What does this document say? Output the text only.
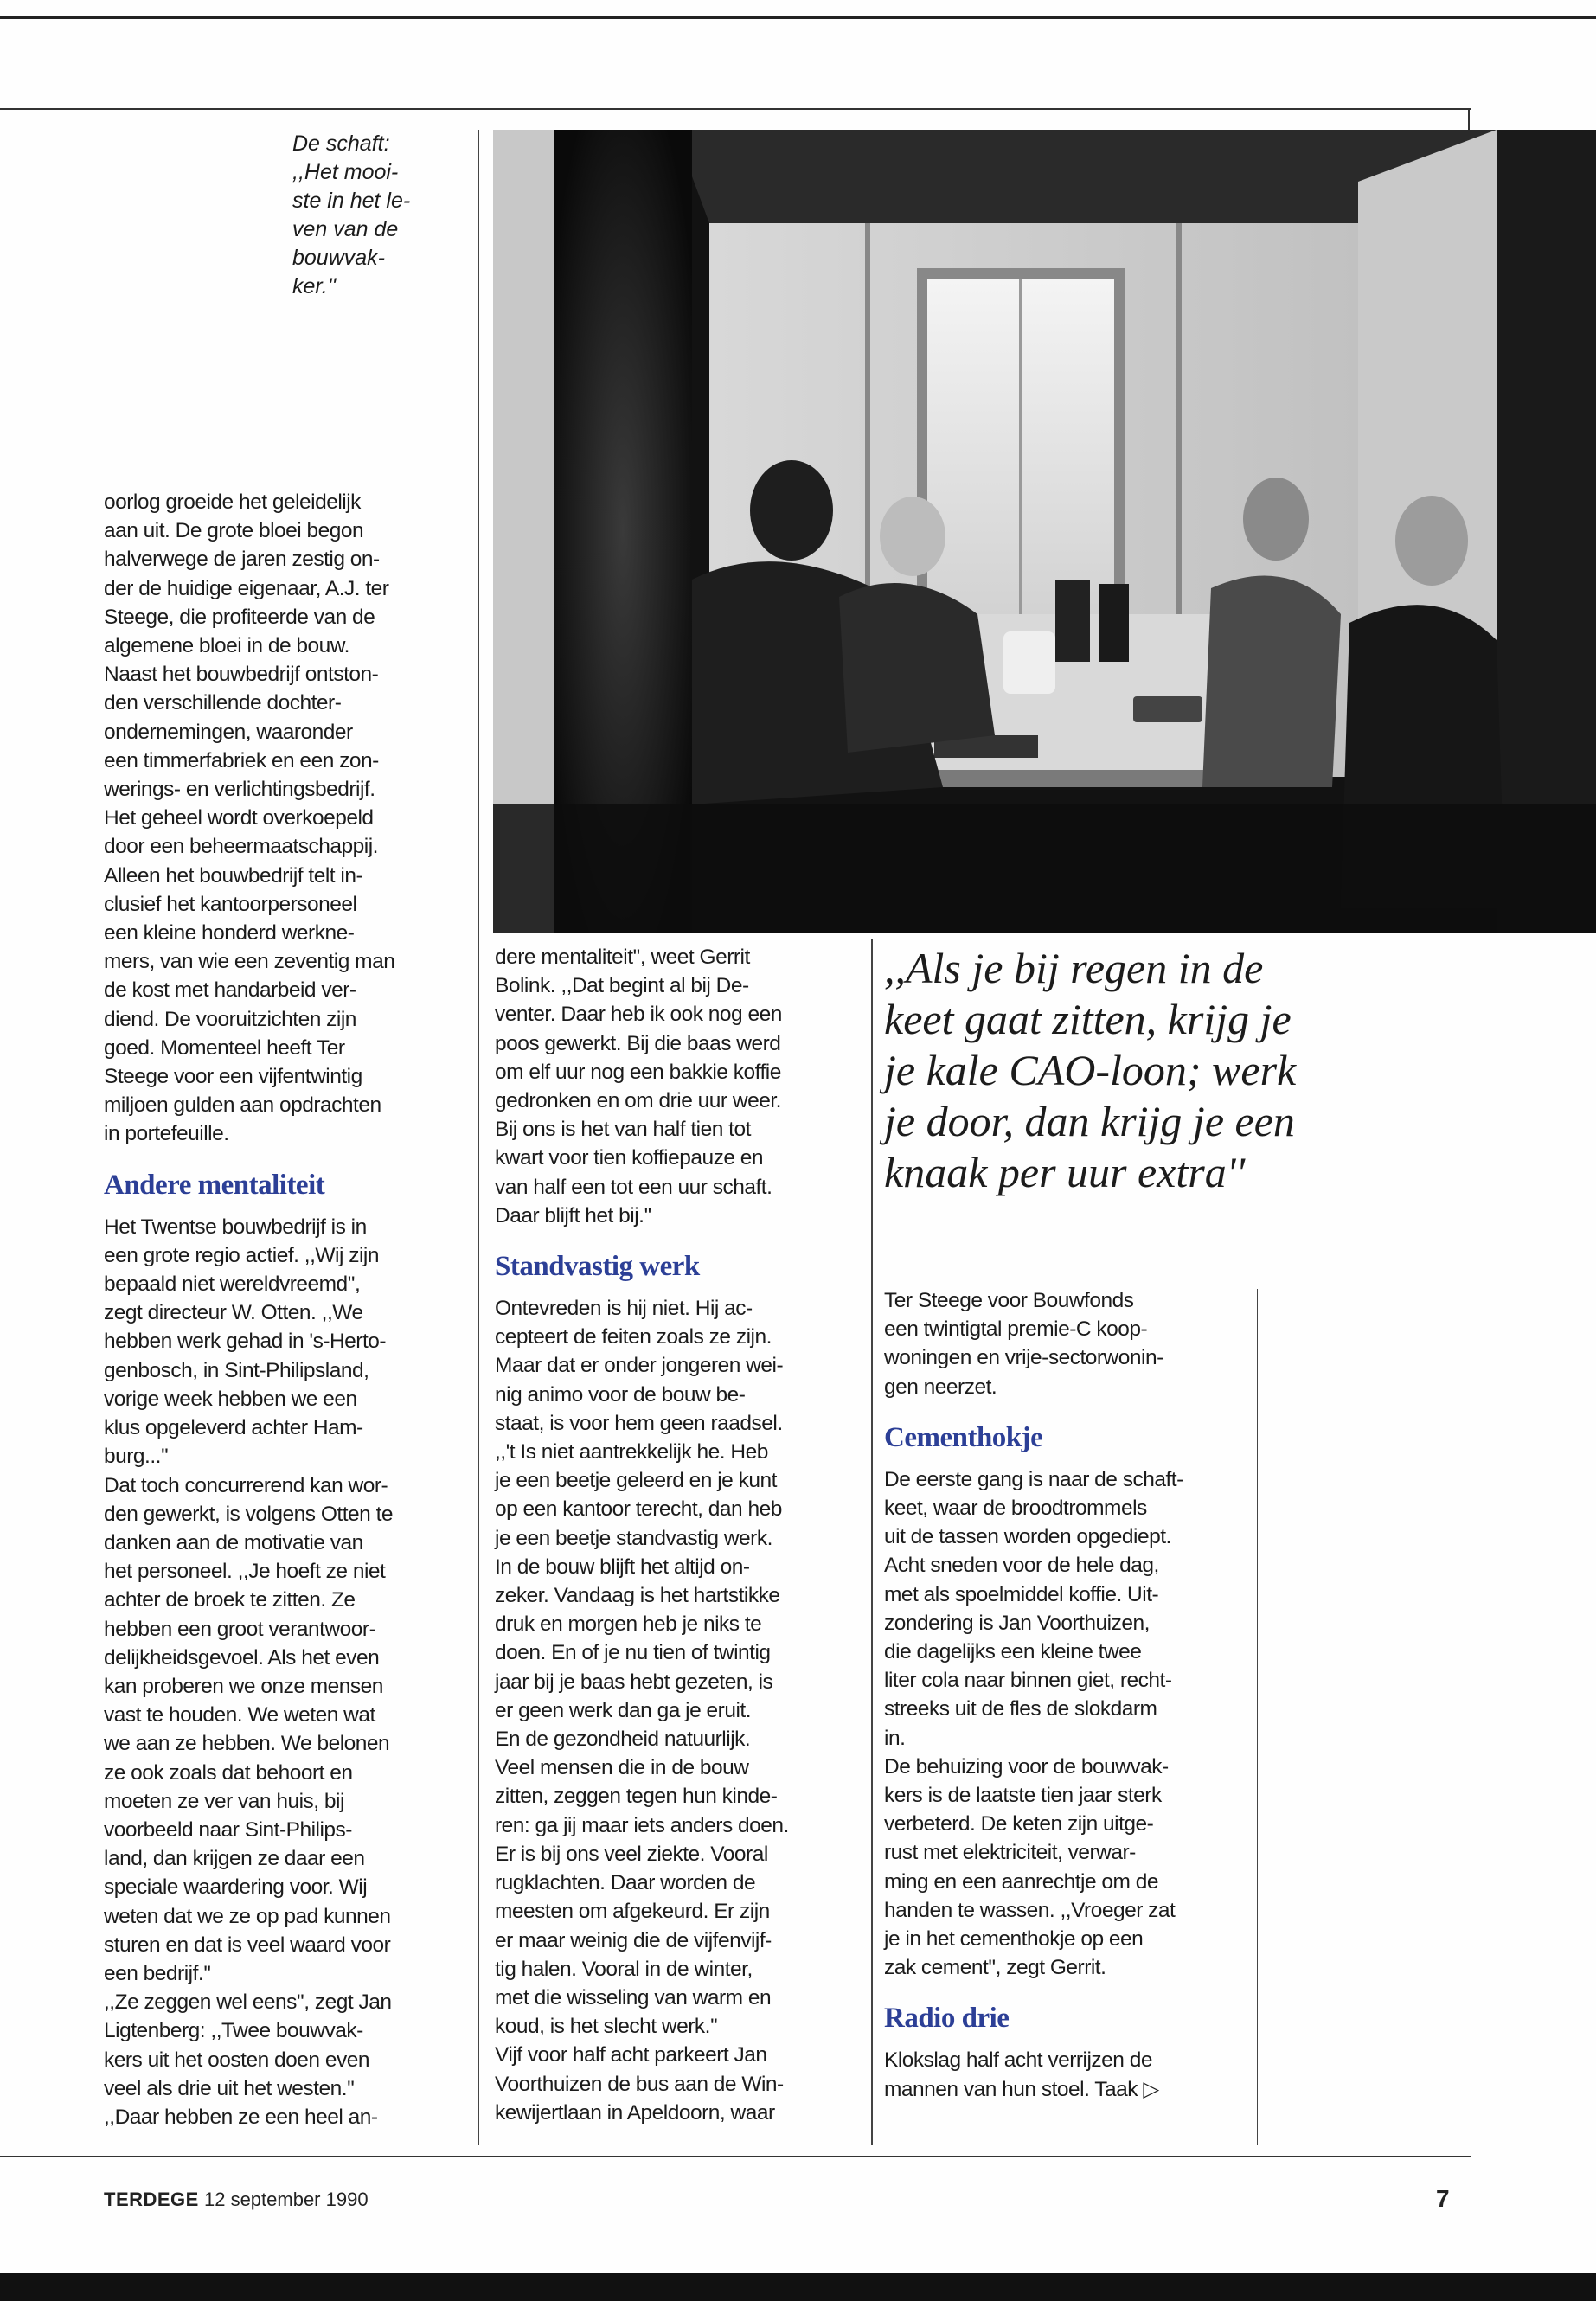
De schaft:

,,Het mooi-

ste in het le-

ven van de

bouwvak-

ker.''

oorlog groeide het geleidelijk

aan uit. De grote bloei begon

halverwege de jaren zestig on-

der de huidige eigenaar, A.J. ter

Steege, die profiteerde van de

algemene bloei in de bouw.

Naast het bouwbedrijf ontston-

den verschillende dochter-

ondernemingen, waaronder

een timmerfabriek en een zon-

werings- en verlichtingsbedrijf.

Het geheel wordt overkoepeld

door een beheermaatschappij.

Alleen het bouwbedrijf telt in-

clusief het kantoorpersoneel

een kleine honderd werkne-

mers, van wie een zeventig man

de kost met handarbeid ver-

diend. De vooruitzichten zijn

goed. Momenteel heeft Ter

Steege voor een vijfentwintig

miljoen gulden aan opdrachten

in portefeuille.

Andere mentaliteit

Het Twentse bouwbedrijf is in

een grote regio actief. ,,Wij zijn

bepaald niet wereldvreemd'',

zegt directeur W. Otten. ,,We

hebben werk gehad in 's-Herto-

genbosch, in Sint-Philipsland,

vorige week hebben we een

klus opgeleverd achter Ham-

burg...''

Dat toch concurrerend kan wor-

den gewerkt, is volgens Otten te

danken aan de motivatie van

het personeel. ,,Je hoeft ze niet

achter de broek te zitten. Ze

hebben een groot verantwoor-

delijkheidsgevoel. Als het even

kan proberen we onze mensen

vast te houden. We weten wat

we aan ze hebben. We belonen

ze ook zoals dat behoort en

moeten ze ver van huis, bij

voorbeeld naar Sint-Philips-

land, dan krijgen ze daar een

speciale waardering voor. Wij

weten dat we ze op pad kunnen

sturen en dat is veel waard voor

een bedrijf.''

,,Ze zeggen wel eens'', zegt Jan

Ligtenberg: ,,Twee bouwvak-

kers uit het oosten doen even

veel als drie uit het westen.''

,,Daar hebben ze een heel an-

dere mentaliteit'', weet Gerrit

Bolink. ,,Dat begint al bij De-

venter. Daar heb ik ook nog een

poos gewerkt. Bij die baas werd

om elf uur nog een bakkie koffie

gedronken en om drie uur weer.

Bij ons is het van half tien tot

kwart voor tien koffiepauze en

van half een tot een uur schaft.

Daar blijft het bij.''

Standvastig werk

Ontevreden is hij niet. Hij ac-

cepteert de feiten zoals ze zijn.

Maar dat er onder jongeren wei-

nig animo voor de bouw be-

staat, is voor hem geen raadsel.

,,'t Is niet aantrekkelijk he. Heb

je een beetje geleerd en je kunt

op een kantoor terecht, dan heb

je een beetje standvastig werk.

In de bouw blijft het altijd on-

zeker. Vandaag is het hartstikke

druk en morgen heb je niks te

doen. En of je nu tien of twintig

jaar bij je baas hebt gezeten, is

er geen werk dan ga je eruit.

En de gezondheid natuurlijk.

Veel mensen die in de bouw

zitten, zeggen tegen hun kinde-

ren: ga jij maar iets anders doen.

Er is bij ons veel ziekte. Vooral

rugklachten. Daar worden de

meesten om afgekeurd. Er zijn

er maar weinig die de vijfenvijf-

tig halen. Vooral in de winter,

met die wisseling van warm en

koud, is het slecht werk.''

Vijf voor half acht parkeert Jan

Voorthuizen de bus aan de Win-

kewijertlaan in Apeldoorn, waar

,,Als je bij regen in de

keet gaat zitten, krijg je

je kale CAO-loon; werk

je door, dan krijg je een

knaak per uur extra''

Ter Steege voor Bouwfonds

een twintigtal premie-C koop-

woningen en vrije-sectorwonin-

gen neerzet.

Cementhokje

De eerste gang is naar de schaft-

keet, waar de broodtrommels

uit de tassen worden opgediept.

Acht sneden voor de hele dag,

met als spoelmiddel koffie. Uit-

zondering is Jan Voorthuizen,

die dagelijks een kleine twee

liter cola naar binnen giet, recht-

streeks uit de fles de slokdarm

in.

De behuizing voor de bouwvak-

kers is de laatste tien jaar sterk

verbeterd. De keten zijn uitge-

rust met elektriciteit, verwar-

ming en een aanrechtje om de

handen te wassen. ,,Vroeger zat

je in het cementhokje op een

zak cement'', zegt Gerrit.

Radio drie

Klokslag half acht verrijzen de

mannen van hun stoel. Taak ▷

TERDEGE 12 september 1990	7
